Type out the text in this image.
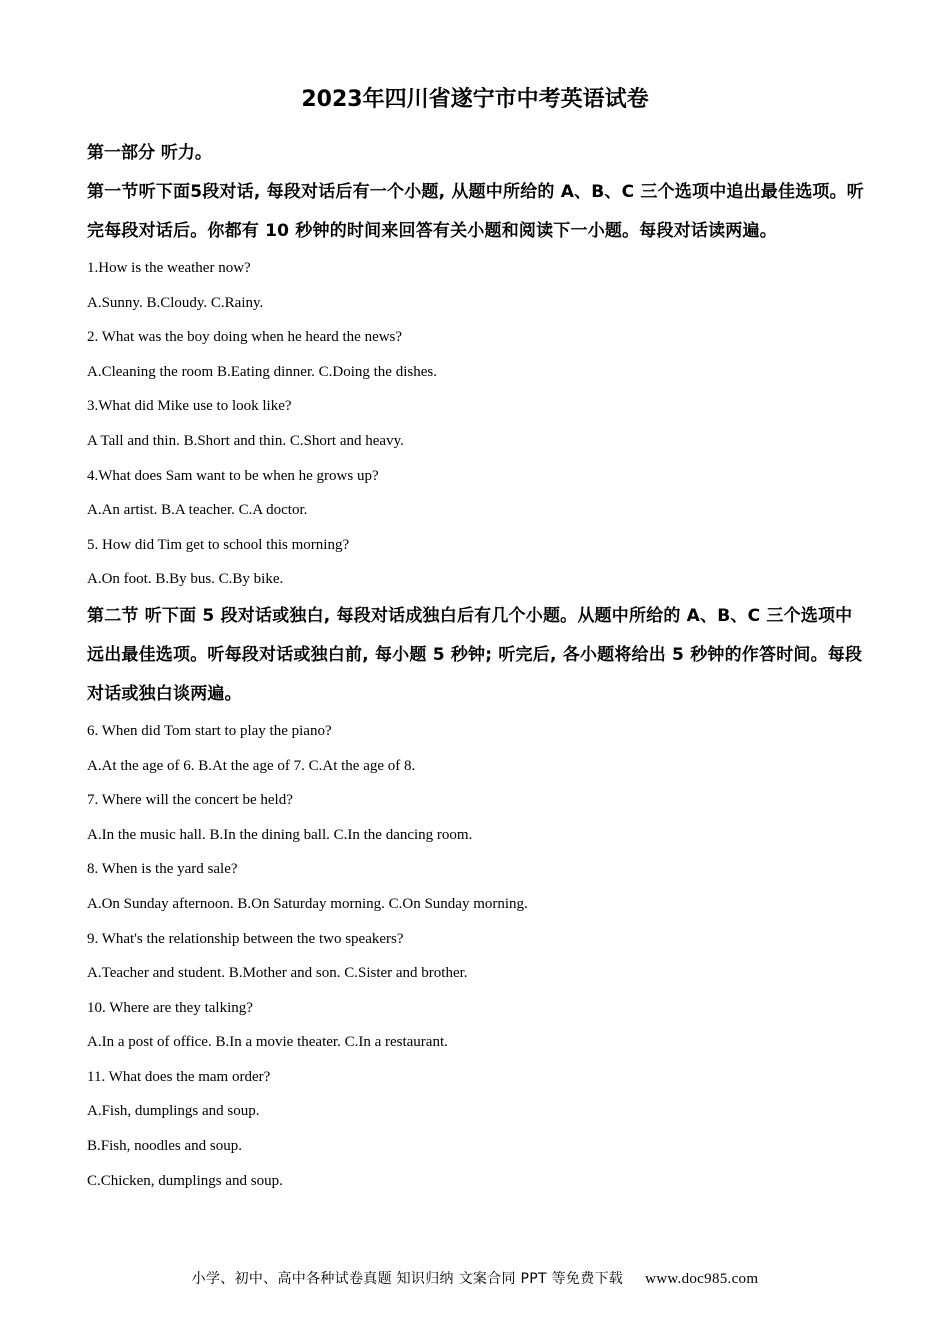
2023年四川省遂宁市中考英语试卷
第一部分 听力。
第一节听下面5段对话, 每段对话后有一个小题, 从题中所给的 A、B、C 三个选项中追出最佳选项。听完每段对话后。你都有 10 秒钟的时间来回答有关小题和阅读下一小题。每段对话读两遍。
1.How is the weather now?
A.Sunny. B.Cloudy. C.Rainy.
2. What was the boy doing when he heard the news?
A.Cleaning the room B.Eating dinner. C.Doing the dishes.
3.What did Mike use to look like?
A Tall and thin. B.Short and thin. C.Short and heavy.
4.What does Sam want to be when he grows up?
A.An artist. B.A teacher. C.A doctor.
5. How did Tim get to school this morning?
A.On foot. B.By bus. C.By bike.
第二节 听下面 5 段对话或独白, 每段对话成独白后有几个小题。从题中所给的 A、B、C 三个选项中远出最佳选项。听每段对话或独白前, 每小题 5 秒钟; 听完后, 各小题将给出 5 秒钟的作答时间。每段对话或独白谈两遍。
6. When did Tom start to play the piano?
A.At the age of 6. B.At the age of 7. C.At the age of 8.
7. Where will the concert be held?
A.In the music hall. B.In the dining ball. C.In the dancing room.
8. When is the yard sale?
A.On Sunday afternoon. B.On Saturday morning. C.On Sunday morning.
9. What's the relationship between the two speakers?
A.Teacher and student. B.Mother and son. C.Sister and brother.
10. Where are they talking?
A.In a post of office. B.In a movie theater. C.In a restaurant.
11. What does the mam order?
A.Fish, dumplings and soup.
B.Fish, noodles and soup.
C.Chicken, dumplings and soup.
小学、初中、高中各种试卷真题 知识归纳 文案合同 PPT 等免费下载 www.doc985.com
